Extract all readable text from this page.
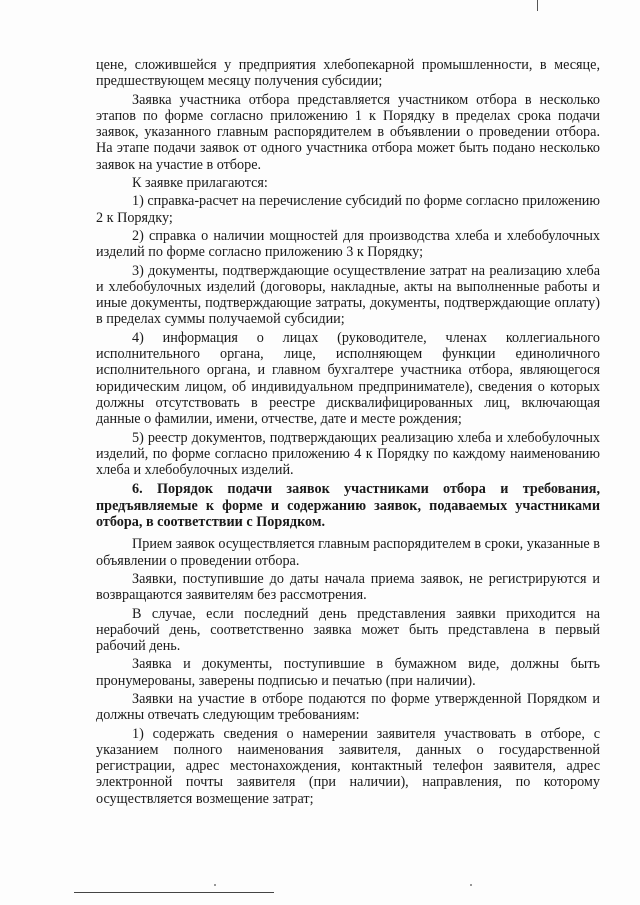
цене, сложившейся у предприятия хлебопекарной промышленности, в месяце, предшествующем месяцу получения субсидии;

Заявка участника отбора представляется участником отбора в несколько этапов по форме согласно приложению 1 к Порядку в пределах срока подачи заявок, указанного главным распорядителем в объявлении о проведении отбора. На этапе подачи заявок от одного участника отбора может быть подано несколько заявок на участие в отборе.

К заявке прилагаются:

1) справка-расчет на перечисление субсидий по форме согласно приложению 2 к Порядку;

2) справка о наличии мощностей для производства хлеба и хлебобулочных изделий по форме согласно приложению 3 к Порядку;

3) документы, подтверждающие осуществление затрат на реализацию хлеба и хлебобулочных изделий (договоры, накладные, акты на выполненные работы и иные документы, подтверждающие затраты, документы, подтверждающие оплату) в пределах суммы получаемой субсидии;

4) информация о лицах (руководителе, членах коллегиального исполнительного органа, лице, исполняющем функции единоличного исполнительного органа, и главном бухгалтере участника отбора, являющегося юридическим лицом, об индивидуальном предпринимателе), сведения о которых должны отсутствовать в реестре дисквалифицированных лиц, включающая данные о фамилии, имени, отчестве, дате и месте рождения;

5) реестр документов, подтверждающих реализацию хлеба и хлебобулочных изделий, по форме согласно приложению 4 к Порядку по каждому наименованию хлеба и хлебобулочных изделий.

6. Порядок подачи заявок участниками отбора и требования, предъявляемые к форме и содержанию заявок, подаваемых участниками отбора, в соответствии с Порядком.

Прием заявок осуществляется главным распорядителем в сроки, указанные в объявлении о проведении отбора.

Заявки, поступившие до даты начала приема заявок, не регистрируются и возвращаются заявителям без рассмотрения.

В случае, если последний день представления заявки приходится на нерабочий день, соответственно заявка может быть представлена в первый рабочий день.

Заявка и документы, поступившие в бумажном виде, должны быть пронумерованы, заверены подписью и печатью (при наличии).

Заявки на участие в отборе подаются по форме утвержденной Порядком и должны отвечать следующим требованиям:

1) содержать сведения о намерении заявителя участвовать в отборе, с указанием полного наименования заявителя, данных о государственной регистрации, адрес местонахождения, контактный телефон заявителя, адрес электронной почты заявителя (при наличии), направления, по которому осуществляется возмещение затрат;
